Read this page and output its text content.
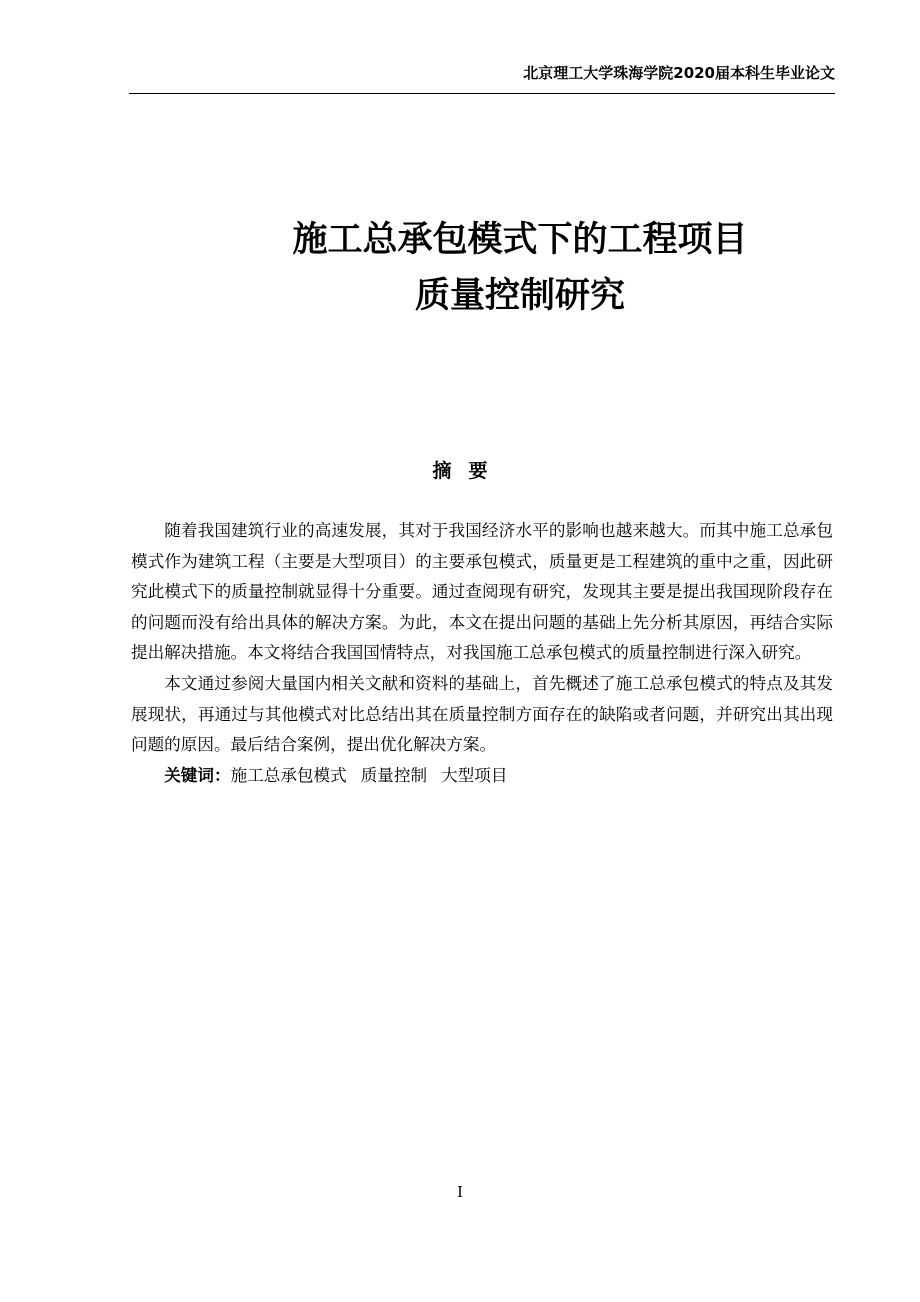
北京理工大学珠海学院2020届本科生毕业论文
施工总承包模式下的工程项目
质量控制研究
摘要

随着我国建筑行业的高速发展，其对于我国经济水平的影响也越来越大。而其中施工总承包模式作为建筑工程（主要是大型项目）的主要承包模式，质量更是工程建筑的重中之重，因此研究此模式下的质量控制就显得十分重要。通过查阅现有研究，发现其主要是提出我国现阶段存在的问题而没有给出具体的解决方案。为此，本文在提出问题的基础上先分析其原因，再结合实际提出解决措施。本文将结合我国国情特点，对我国施工总承包模式的质量控制进行深入研究。

本文通过参阅大量国内相关文献和资料的基础上，首先概述了施工总承包模式的特点及其发展现状，再通过与其他模式对比总结出其在质量控制方面存在的缺陷或者问题，并研究出其出现问题的原因。最后结合案例，提出优化解决方案。

关键词：施工总承包模式 质量控制 大型项目

I
